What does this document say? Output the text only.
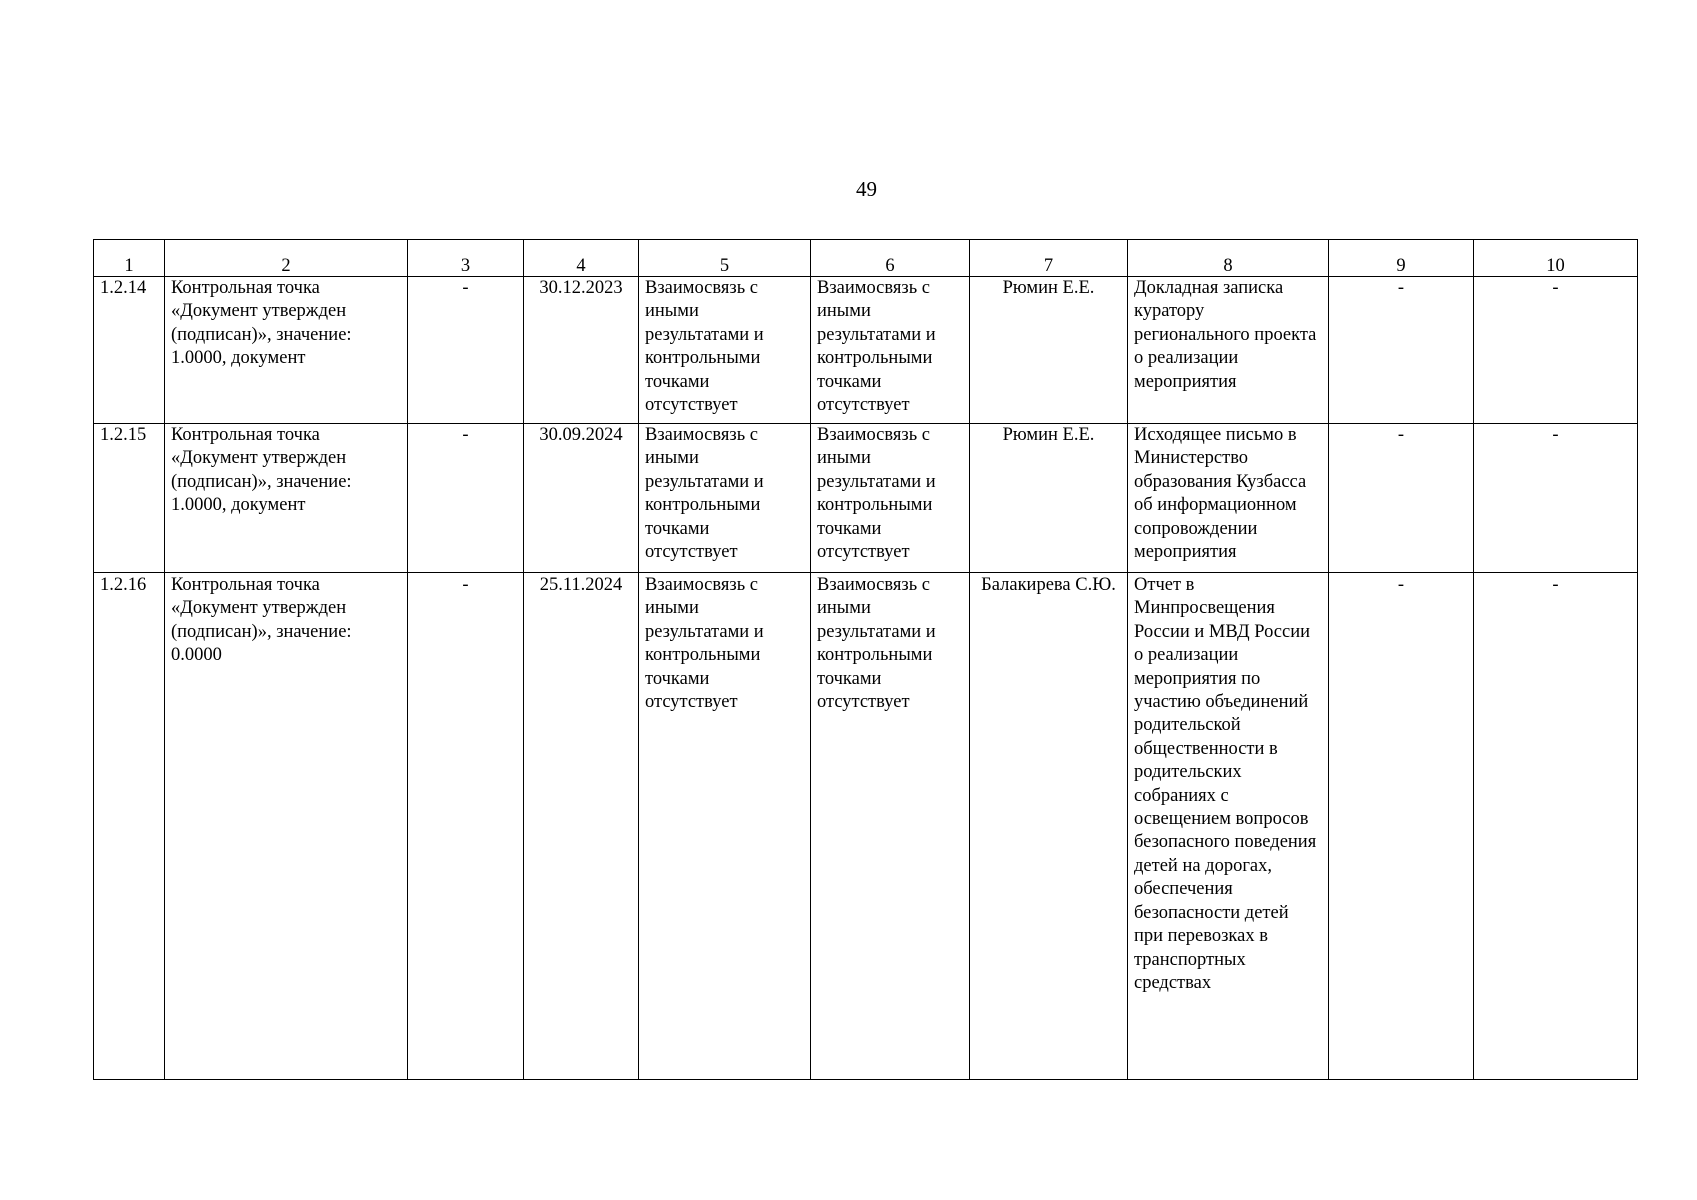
49
1	2	3	4	5	6	7	8	9	10
1.2.14	Контрольная точка «Документ утвержден (подписан)», значение: 1.0000, документ	-	30.12.2023	Взаимосвязь с иными результатами и контрольными точками отсутствует	Взаимосвязь с иными результатами и контрольными точками отсутствует	Рюмин Е.Е.	Докладная записка куратору регионального проекта о реализации мероприятия	-	-
1.2.15	Контрольная точка «Документ утвержден (подписан)», значение: 1.0000, документ	-	30.09.2024	Взаимосвязь с иными результатами и контрольными точками отсутствует	Взаимосвязь с иными результатами и контрольными точками отсутствует	Рюмин Е.Е.	Исходящее письмо в Министерство образования Кузбасса об информационном сопровождении мероприятия	-	-
1.2.16	Контрольная точка «Документ утвержден (подписан)», значение: 0.0000	-	25.11.2024	Взаимосвязь с иными результатами и контрольными точками отсутствует	Взаимосвязь с иными результатами и контрольными точками отсутствует	Балакирева С.Ю.	Отчет в Минпросвещения России и МВД России о реализации мероприятия по участию объединений родительской общественности в родительских собраниях с освещением вопросов безопасного поведения детей на дорогах, обеспечения безопасности детей при перевозках в транспортных средствах	-	-
